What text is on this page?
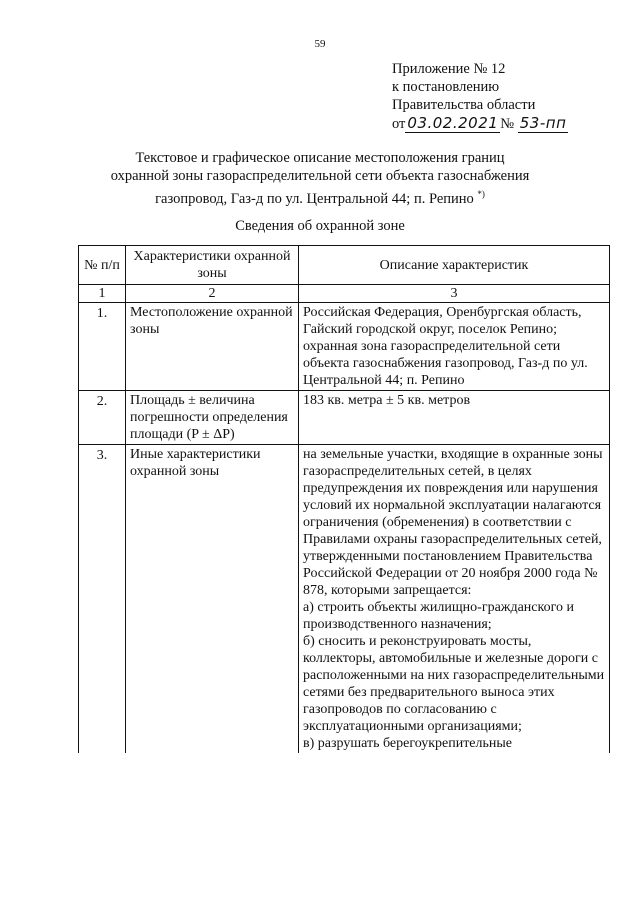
59
Приложение № 12
к постановлению
Правительства области
от 03.02.2021 № 53-пп
Текстовое и графическое описание местоположения границ
охранной зоны газораспределительной сети объекта газоснабжения
газопровод, Газ-д по ул. Центральной 44; п. Репино *)
Сведения об охранной зоне
№ п/п	Характеристики охранной зоны	Описание характеристик
1	2	3
1.	Местоположение охранной зоны	Российская Федерация, Оренбургская область, Гайский городской округ, поселок Репино; охранная зона газораспределительной сети объекта газоснабжения газопровод, Газ-д по ул. Центральной 44; п. Репино

2.	Площадь ± величина погрешности определения площади (P ± ΔP)	183 кв. метра ± 5 кв. метров

3.	Иные характеристики охранной зоны	на земельные участки, входящие в охранные зоны газораспределительных сетей, в целях предупреждения их повреждения или нарушения условий их нормальной эксплуатации налагаются ограничения (обременения) в соответствии с Правилами охраны газораспределительных сетей, утвержденными постановлением Правительства Российской Федерации от 20 ноября 2000 года № 878, которыми запрещается:
а) строить объекты жилищно-гражданского и производственного назначения;
б) сносить и реконструировать мосты, коллекторы, автомобильные и железные дороги с расположенными на них газораспределительными сетями без предварительного выноса этих газопроводов по согласованию с эксплуатационными организациями;
в) разрушать берегоукрепительные
